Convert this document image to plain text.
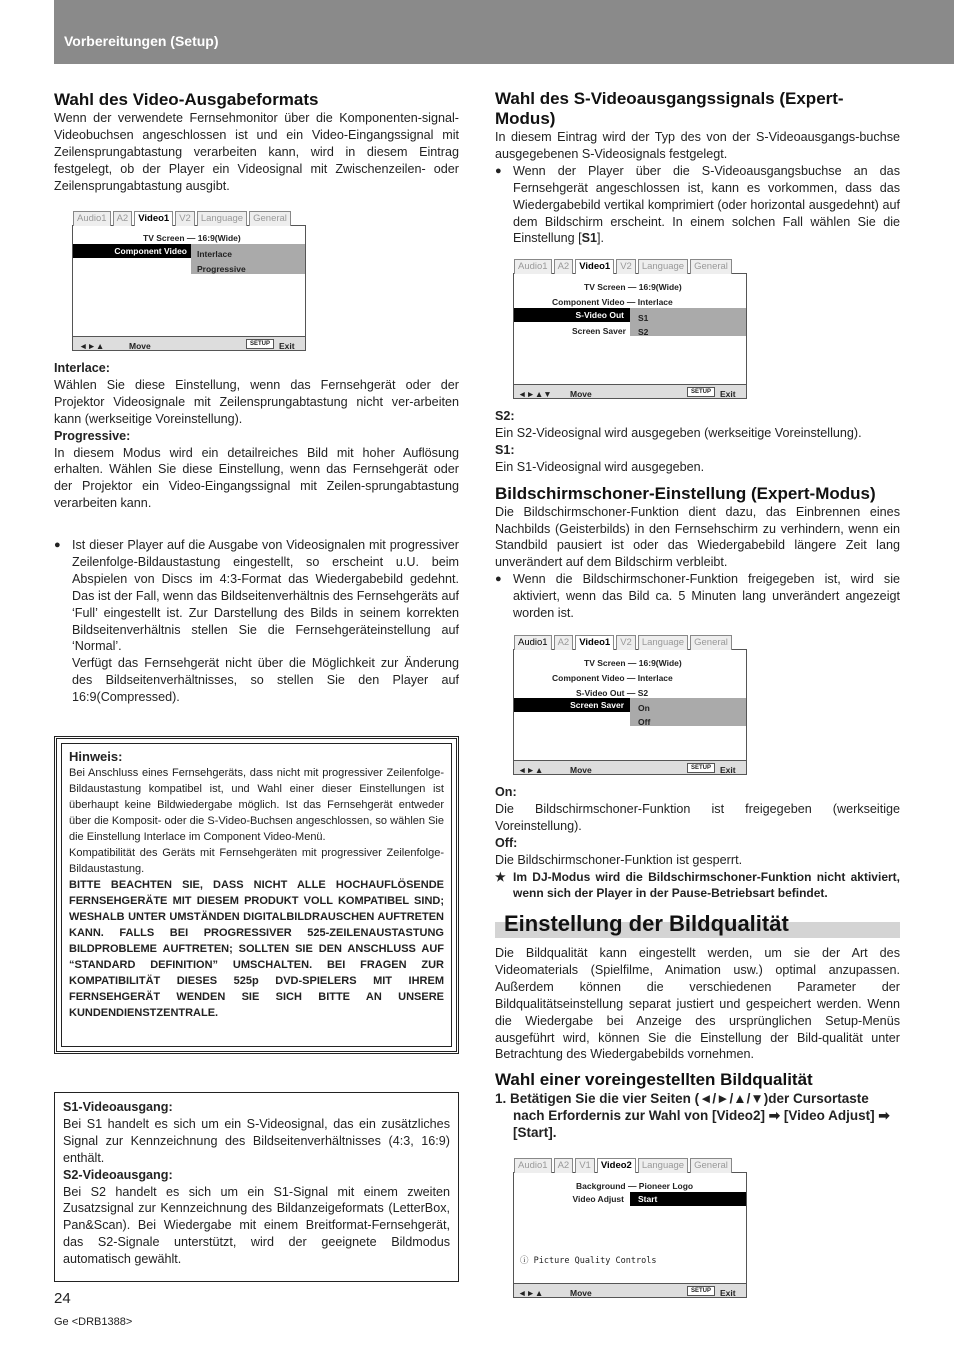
Vorbereitungen (Setup)
Wahl des Video-Ausgabeformats

Wenn der verwendete Fernsehmonitor über die Komponenten-signal-Videobuchsen angeschlossen ist und ein Video-Eingangssignal mit Zeilensprungabtastung verarbeiten kann, wird in diesem Eintrag festgelegt, ob der Player ein Videosignal mit Zwischenzeilen- oder Zeilensprungabtastung ausgibt.

Audio1	A2	Video1	V2	Language	General
TV Screen — 16:9(Wide)
Component Video	Interlace
Progressive
◄►▲	Move	SETUP	Exit

Interlace:

Wählen Sie diese Einstellung, wenn das Fernsehgerät oder der Projektor Videosignale mit Zeilensprungabtastung nicht ver-arbeiten kann (werkseitige Voreinstellung).

Progressive:

In diesem Modus wird ein detailreiches Bild mit hoher Auflösung erhalten. Wählen Sie diese Einstellung, wenn das Fernsehgerät oder der Projektor ein Video-Eingangssignal mit Zeilen-sprungabtastung verarbeiten kann.

● Ist dieser Player auf die Ausgabe von Videosignalen mit progressiver Zeilenfolge-Bildaustastung eingestellt, so erscheint u.U. beim Abspielen von Discs im 4:3-Format das Wiedergabebild gedehnt. Das ist der Fall, wenn das Bildseitenverhältnis des Fernsehgeräts auf ‘Full’ eingestellt ist. Zur Darstellung des Bilds in seinem korrekten Bildseitenverhältnis stellen Sie die Fernsehgeräteinstellung auf ‘Normal’.

Verfügt das Fernsehgerät nicht über die Möglichkeit zur Änderung des Bildseitenverhältnisses, so stellen Sie den Player auf 16:9(Compressed).

Hinweis:

Bei Anschluss eines Fernsehgeräts, dass nicht mit progressiver Zeilenfolge-Bildaustastung kompatibel ist, und Wahl einer dieser Einstellungen ist überhaupt keine Bildwiedergabe möglich. Ist das Fernsehgerät entweder über die Komposit- oder die S-Video-Buchsen angeschlossen, so wählen Sie die Einstellung Interlace im Component Video-Menü.

Kompatibilität des Geräts mit Fernsehgeräten mit progressiver Zeilenfolge-Bildaustastung.

BITTE BEACHTEN SIE, DASS NICHT ALLE HOCHAUFLÖSENDE FERNSEHGERÄTE MIT DIESEM PRODUKT VOLL KOMPATIBEL SIND; WESHALB UNTER UMSTÄNDEN DIGITALBILDRAUSCHEN AUFTRETEN KANN. FALLS BEI PROGRESSIVER 525-ZEILENAUSTASTUNG BILDPROBLEME AUFTRETEN; SOLLTEN SIE DEN ANSCHLUSS AUF “STANDARD DEFINITION” UMSCHALTEN. BEI FRAGEN ZUR KOMPATIBILITÄT DIESES 525p DVD-SPIELERS MIT IHREM FERNSEHGERÄT WENDEN SIE SICH BITTE AN UNSERE KUNDENDIENSTZENTRALE.

S1-Videoausgang:

Bei S1 handelt es sich um ein S-Videosignal, das ein zusätzliches Signal zur Kennzeichnung des Bildseitenverhältnisses (4:3, 16:9) enthält.

S2-Videoausgang:

Bei S2 handelt es sich um ein S1-Signal mit einem zweiten Zusatzsignal zur Kennzeichnung des Bildanzeigeformats (LetterBox, Pan&Scan). Bei Wiedergabe mit einem Breitformat-Fernsehgerät, das S2-Signale unterstützt, wird der geeignete Bildmodus automatisch gewählt.

24
Ge <DRB1388>
Wahl des S-Videoausgangssignals (Expert-Modus)

In diesem Eintrag wird der Typ des von der S-Videoausgangs-buchse ausgegebenen S-Videosignals festgelegt.

● Wenn der Player über die S-Videoausgangsbuchse an das Fernsehgerät angeschlossen ist, kann es vorkommen, dass das Wiedergabebild vertikal komprimiert (oder horizontal ausgedehnt) auf dem Bildschirm erscheint. In einem solchen Fall wählen Sie die Einstellung [S1].

Audio1	A2	Video1	V2	Language	General
TV Screen — 16:9(Wide)
Component Video — Interlace
S-Video Out
Screen Saver
S1
S2
◄►▲▼ Move	SETUP	Exit

S2:

Ein S2-Videosignal wird ausgegeben (werkseitige Voreinstellung).

S1:

Ein S1-Videosignal wird ausgegeben.

Bildschirmschoner-Einstellung (Expert-Modus)

Die Bildschirmschoner-Funktion dient dazu, das Einbrennen eines Nachbilds (Geisterbilds) in den Fernsehschirm zu verhindern, wenn ein Standbild pausiert ist oder das Wiedergabebild längere Zeit lang unverändert auf dem Bildschirm verbleibt.

● Wenn die Bildschirmschoner-Funktion freigegeben ist, wird sie aktiviert, wenn das Bild ca. 5 Minuten lang unverändert angezeigt worden ist.

Audio1	A2	Video1	V2	Language	General
TV Screen — 16:9(Wide)
Component Video — Interlace
S-Video Out — S2
Screen Saver	On
Off
◄►▲	Move	SETUP	Exit

On:

Die Bildschirmschoner-Funktion ist freigegeben (werkseitige Voreinstellung).

Off:

Die Bildschirmschoner-Funktion ist gesperrt.

★ Im DJ-Modus wird die Bildschirmschoner-Funktion nicht aktiviert, wenn sich der Player in der Pause-Betriebsart befindet.

Einstellung der Bildqualität

Die Bildqualität kann eingestellt werden, um sie der Art des Videomaterials (Spielfilme, Animation usw.) optimal anzupassen. Außerdem können die verschiedenen Parameter der Bildqualitätseinstellung separat justiert und gespeichert werden. Wenn die Wiedergabe bei Anzeige des ursprünglichen Setup-Menüs ausgeführt wird, können Sie die Einstellung der Bild-qualität unter Betrachtung des Wiedergabebilds vornehmen.

Wahl einer voreingestellten Bildqualität

1. Betätigen Sie die vier Seiten (◄/►/▲/▼)der Cursortaste nach Erfordernis zur Wahl von [Video2] ➡ [Video Adjust] ➡ [Start].

Audio1	A2	V1	Video2	Language	General
Background — Pioneer Logo
Video Adjust	Start
ⓘ Picture Quality Controls
◄►▲	Move	SETUP	Exit
